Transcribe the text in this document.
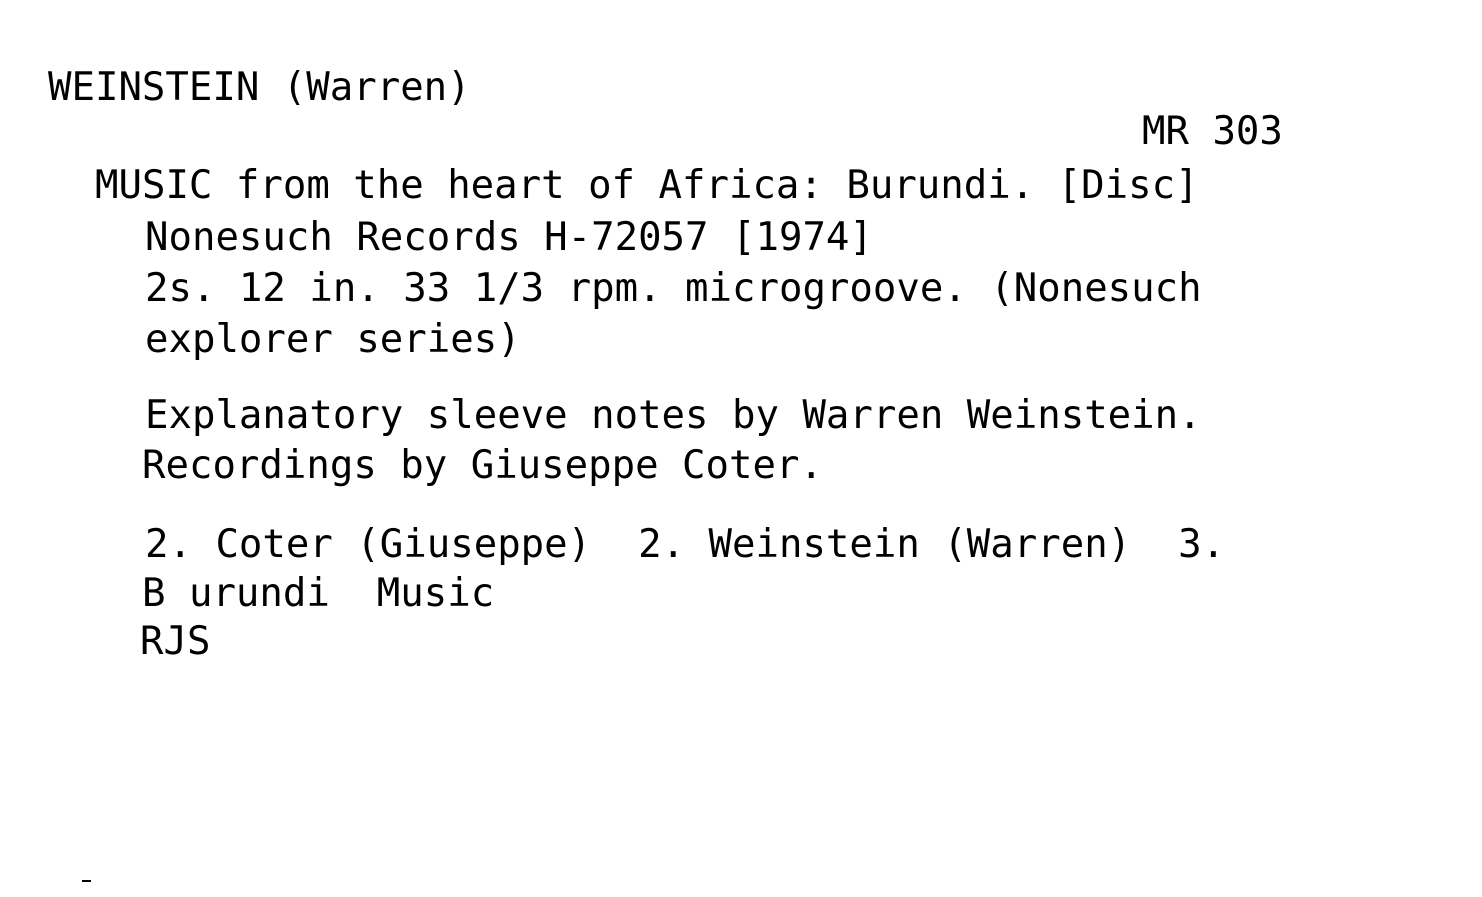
WEINSTEIN (Warren)
MR 303
MUSIC from the heart of Africa: Burundi. [Disc]
Nonesuch Records H-72057 [1974]
2s. 12 in. 33 1/3 rpm. microgroove. (Nonesuch
explorer series)
Explanatory sleeve notes by Warren Weinstein.
Recordings by Giuseppe Coter.
2. Coter (Giuseppe)  2. Weinstein (Warren)  3.
B urundi  Music
RJS
